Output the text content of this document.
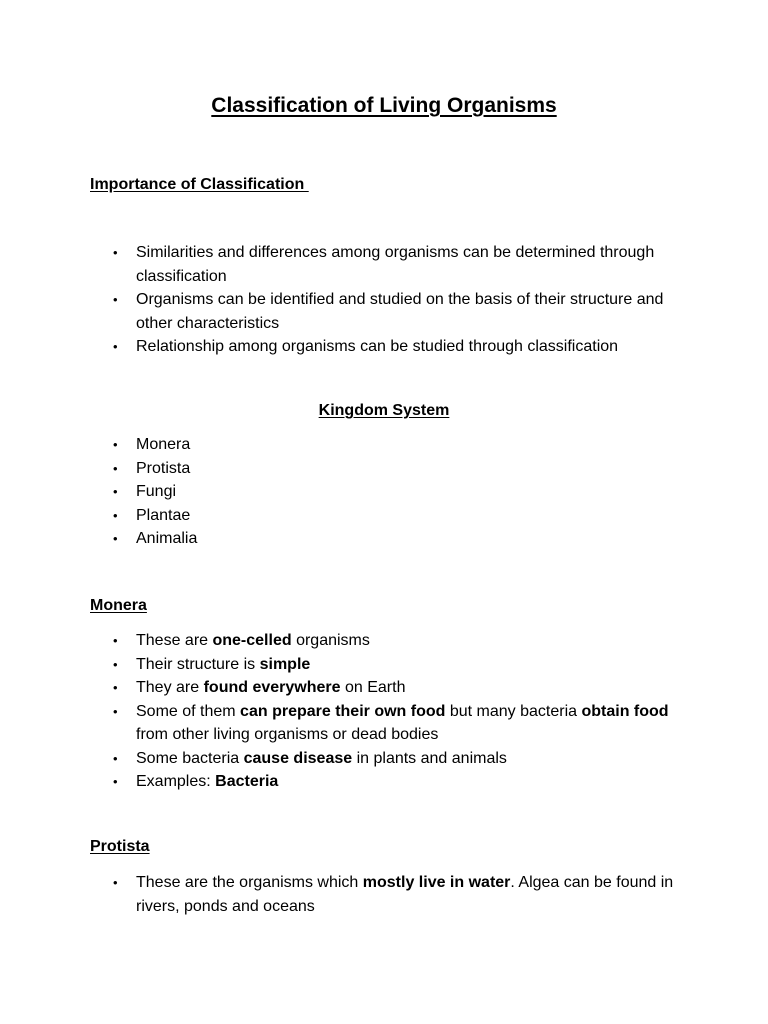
Classification of Living Organisms
Importance of Classification
• Similarities and differences among organisms can be determined through classification
• Organisms can be identified and studied on the basis of their structure and other characteristics
• Relationship among organisms can be studied through classification
Kingdom System
• Monera
• Protista
• Fungi
• Plantae
• Animalia
Monera
• These are one-celled organisms
• Their structure is simple
• They are found everywhere on Earth
• Some of them can prepare their own food but many bacteria obtain food from other living organisms or dead bodies
• Some bacteria cause disease in plants and animals
• Examples: Bacteria
Protista
• These are the organisms which mostly live in water. Algea can be found in rivers, ponds and oceans
